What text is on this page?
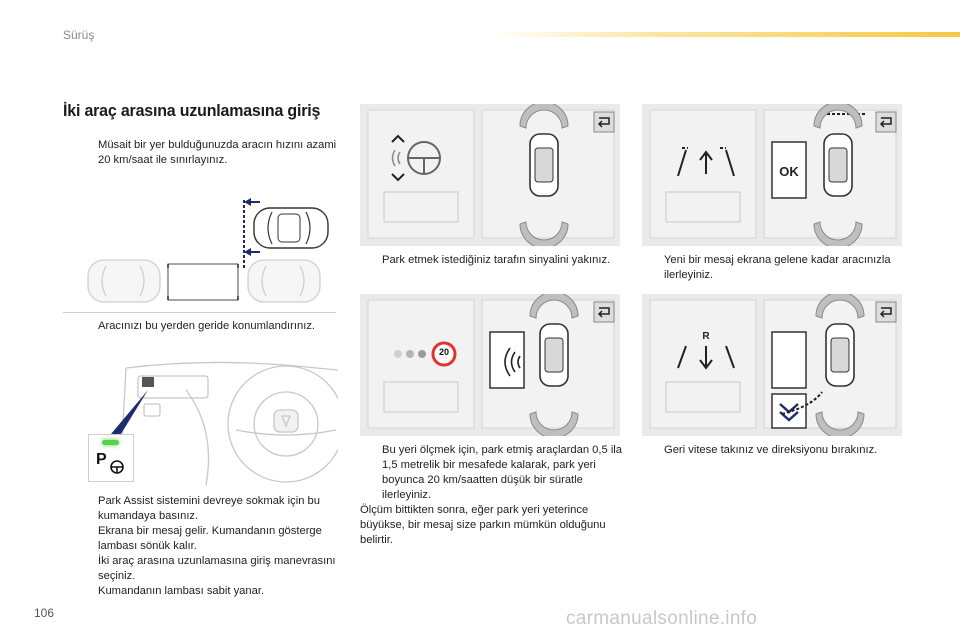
Sürüş
İki araç arasına uzunlamasına giriş
Müsait bir yer bulduğunuzda aracın hızını azami 20 km/saat ile sınırlayınız.
Aracınızı bu yerden geride konumlandırınız.
P
Park Assist sistemini devreye sokmak için bu kumandaya basınız.
Ekrana bir mesaj gelir. Kumandanın gösterge lambası sönük kalır.
İki araç arasına uzunlamasına giriş manevrasını seçiniz.
Kumandanın lambası sabit yanar.
Park etmek istediğiniz tarafın sinyalini yakınız.
OK
Yeni bir mesaj ekrana gelene kadar aracınızla ilerleyiniz.
20
Bu yeri ölçmek için, park etmiş araçlardan 0,5 ila 1,5 metrelik bir mesafede kalarak, park yeri boyunca 20 km/saatten düşük bir süratle ilerleyiniz.
Ölçüm bittikten sonra, eğer park yeri yeterince büyükse, bir mesaj size parkın mümkün olduğunu belirtir.
R
Geri vitese takınız ve direksiyonu bırakınız.
106	carmanualsonline.info
